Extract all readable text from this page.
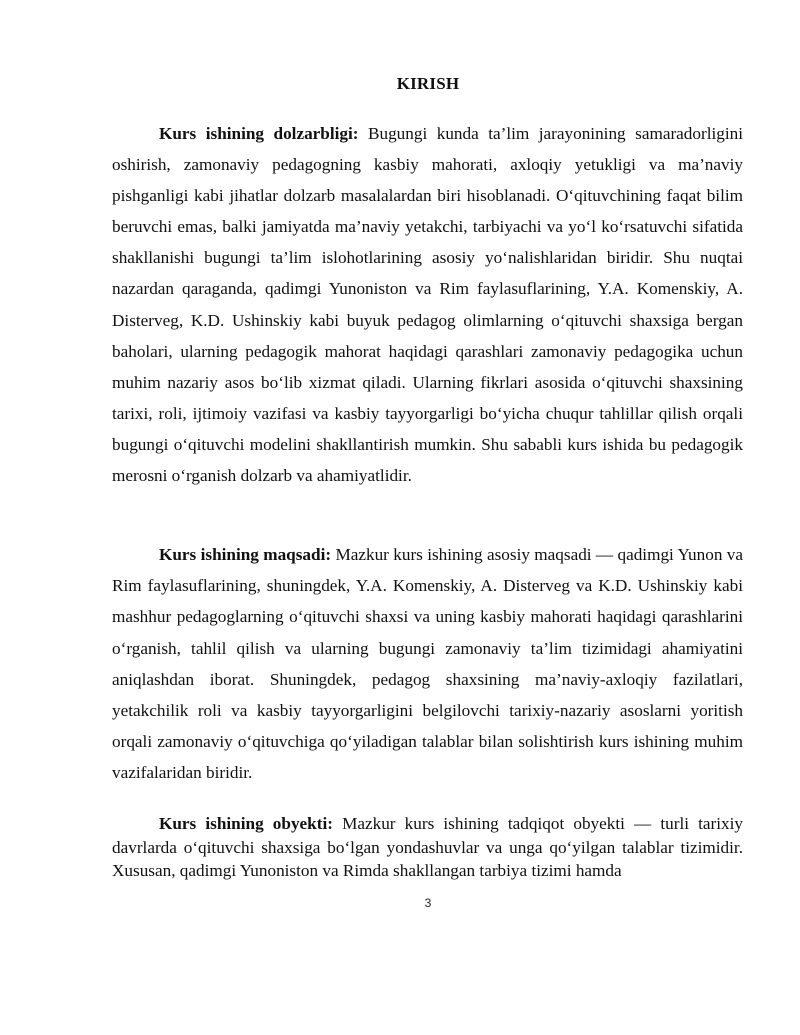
KIRISH

Kurs ishining dolzarbligi: Bugungi kunda ta’lim jarayonining samaradorligini oshirish, zamonaviy pedagogning kasbiy mahorati, axloqiy yetukligi va ma’naviy pishganligi kabi jihatlar dolzarb masalalardan biri hisoblanadi. O‘qituvchining faqat bilim beruvchi emas, balki jamiyatda ma’naviy yetakchi, tarbiyachi va yo‘l ko‘rsatuvchi sifatida shakllanishi bugungi ta’lim islohotlarining asosiy yo‘nalishlaridan biridir. Shu nuqtai nazardan qaraganda, qadimgi Yunoniston va Rim faylasuflarining, Y.A. Komenskiy, A. Disterveg, K.D. Ushinskiy kabi buyuk pedagog olimlarning o‘qituvchi shaxsiga bergan baholari, ularning pedagogik mahorat haqidagi qarashlari zamonaviy pedagogika uchun muhim nazariy asos bo‘lib xizmat qiladi. Ularning fikrlari asosida o‘qituvchi shaxsining tarixi, roli, ijtimoiy vazifasi va kasbiy tayyorgarligi bo‘yicha chuqur tahlillar qilish orqali bugungi o‘qituvchi modelini shakllantirish mumkin. Shu sababli kurs ishida bu pedagogik merosni o‘rganish dolzarb va ahamiyatlidir.

Kurs ishining maqsadi: Mazkur kurs ishining asosiy maqsadi — qadimgi Yunon va Rim faylasuflarining, shuningdek, Y.A. Komenskiy, A. Disterveg va K.D. Ushinskiy kabi mashhur pedagoglarning o‘qituvchi shaxsi va uning kasbiy mahorati haqidagi qarashlarini o‘rganish, tahlil qilish va ularning bugungi zamonaviy ta’lim tizimidagi ahamiyatini aniqlashdan iborat. Shuningdek, pedagog shaxsining ma’naviy-axloqiy fazilatlari, yetakchilik roli va kasbiy tayyorgarligini belgilovchi tarixiy-nazariy asoslarni yoritish orqali zamonaviy o‘qituvchiga qo‘yiladigan talablar bilan solishtirish kurs ishining muhim vazifalaridan biridir.

Kurs ishining obyekti: Mazkur kurs ishining tadqiqot obyekti — turli tarixiy davrlarda o‘qituvchi shaxsiga bo‘lgan yondashuvlar va unga qo‘yilgan talablar tizimidir. Xususan, qadimgi Yunoniston va Rimda shakllangan tarbiya tizimi hamda

3
